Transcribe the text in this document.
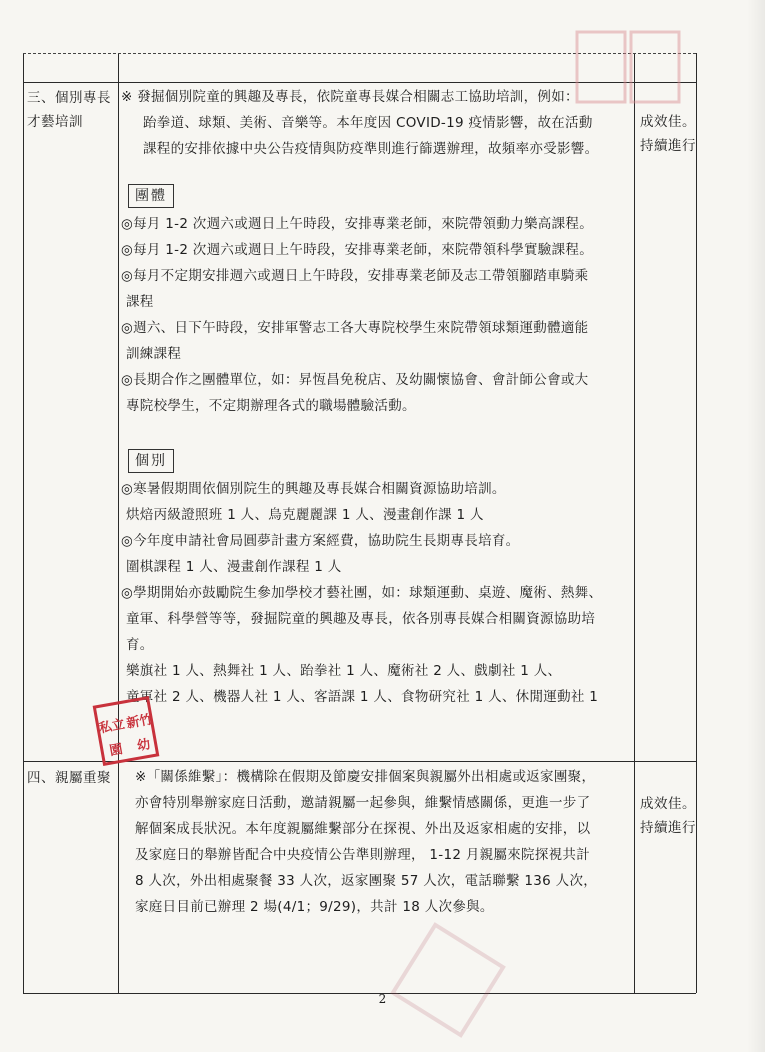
三、個別專長才藝培訓	成效佳。持續進行
※ 發掘個別院童的興趣及專長，依院童專長媒合相關志工協助培訓，例如：
跆拳道、球類、美術、音樂等。本年度因 COVID-19 疫情影響，故在活動
課程的安排依據中央公告疫情與防疫準則進行篩選辦理，故頻率亦受影響。
團體
◎每月 1-2 次週六或週日上午時段，安排專業老師，來院帶領動力樂高課程。
◎每月 1-2 次週六或週日上午時段，安排專業老師，來院帶領科學實驗課程。
◎每月不定期安排週六或週日上午時段，安排專業老師及志工帶領腳踏車騎乘
課程
◎週六、日下午時段，安排軍警志工各大專院校學生來院帶領球類運動體適能
訓練課程
◎長期合作之團體單位，如：昇恆昌免稅店、及幼關懷協會、會計師公會或大
專院校學生，不定期辦理各式的職場體驗活動。
個別
◎寒暑假期間依個別院生的興趣及專長媒合相關資源協助培訓。
烘焙丙級證照班 1 人、烏克麗麗課 1 人、漫畫創作課 1 人
◎今年度申請社會局圓夢計畫方案經費，協助院生長期專長培育。
圍棋課程 1 人、漫畫創作課程 1 人
◎學期開始亦鼓勵院生參加學校才藝社團，如：球類運動、桌遊、魔術、熱舞、
童軍、科學營等等，發掘院童的興趣及專長，依各別專長媒合相關資源協助培
育。
樂旗社 1 人、熱舞社 1 人、跆拳社 1 人、魔術社 2 人、戲劇社 1 人、
童軍社 2 人、機器人社 1 人、客語課 1 人、食物研究社 1 人、休閒運動社 1
新竹
私立
幼
園
四、親屬重聚
成效佳。持續進行
※「關係維繫」：機構除在假期及節慶安排個案與親屬外出相處或返家團聚，
亦會特別舉辦家庭日活動，邀請親屬一起參與，維繫情感關係，更進一步了
解個案成長狀況。本年度親屬維繫部分在探視、外出及返家相處的安排，以
及家庭日的舉辦皆配合中央疫情公告準則辦理， 1-12 月親屬來院探視共計
8 人次，外出相處聚餐 33 人次，返家團聚 57 人次，電話聯繫 136 人次，
家庭日目前已辦理 2 場(4/1；9/29)，共計 18 人次參與。
2
